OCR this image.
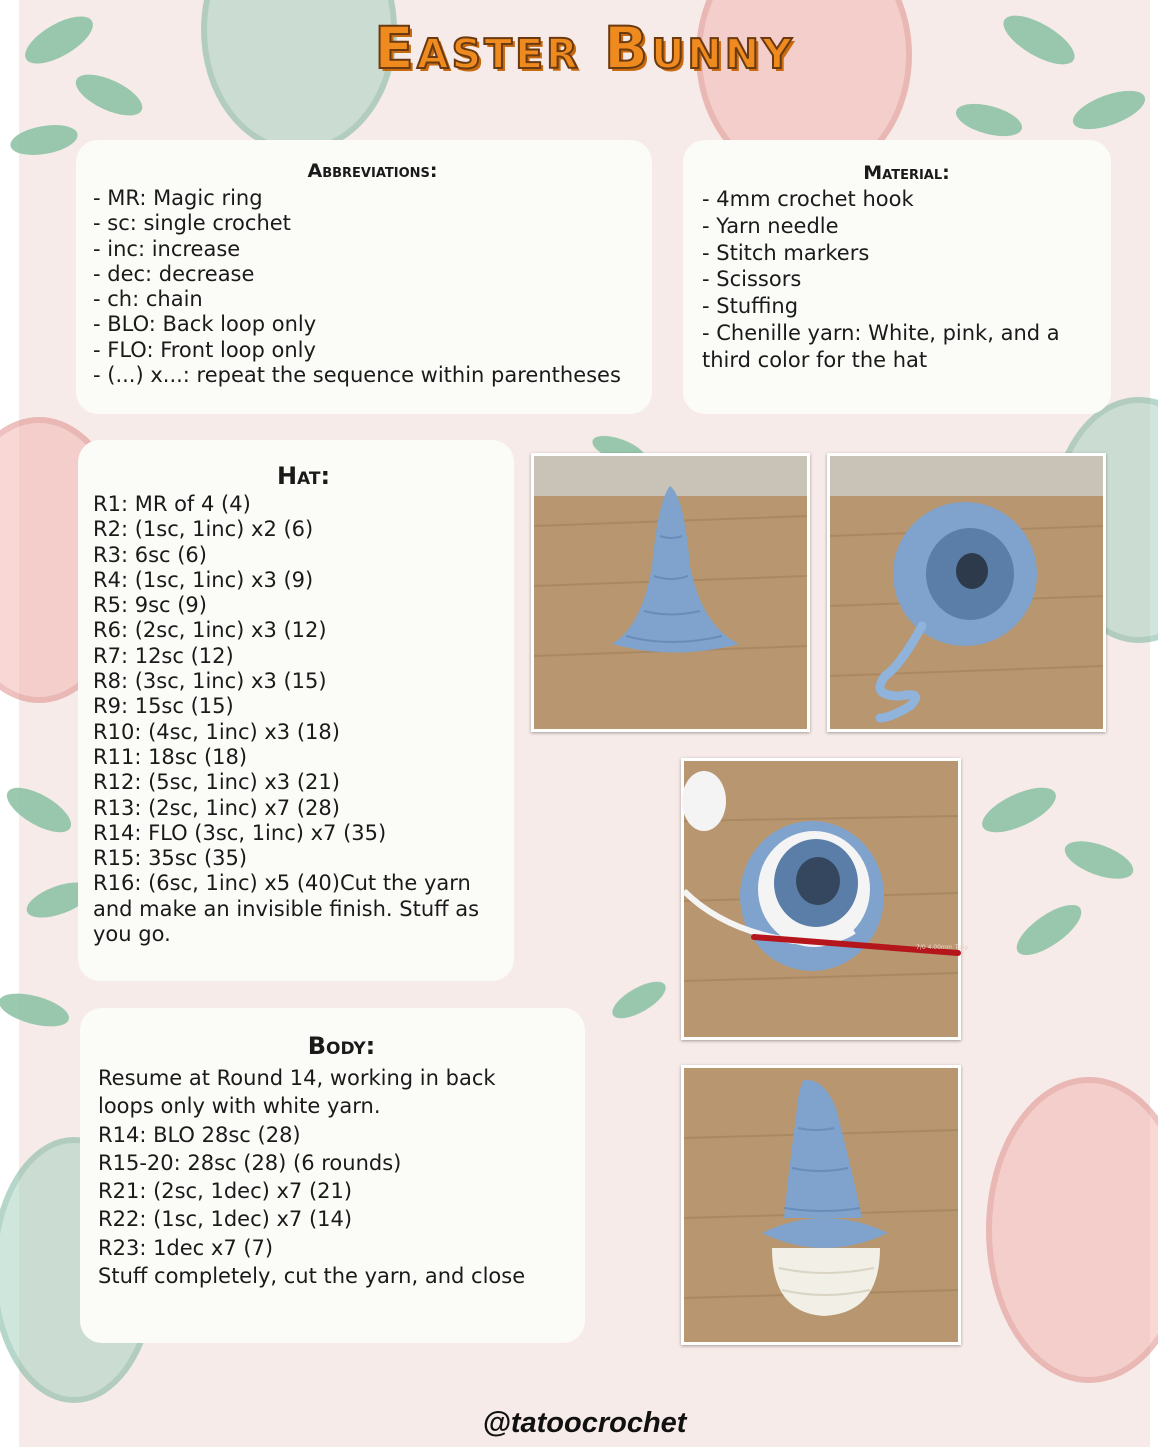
Easter Bunny
Abbreviations:
- MR: Magic ring
- sc: single crochet
- inc: increase
- dec: decrease
- ch: chain
- BLO: Back loop only
- FLO: Front loop only
- (...) x...: repeat the sequence within parentheses
Material:
- 4mm crochet hook
- Yarn needle
- Stitch markers
- Scissors
- Stuffing
- Chenille yarn: White, pink, and a third color for the hat
Hat:
R1: MR of 4 (4)
R2: (1sc, 1inc) x2 (6)
R3: 6sc (6)
R4: (1sc, 1inc) x3 (9)
R5: 9sc (9)
R6: (2sc, 1inc) x3 (12)
R7: 12sc (12)
R8: (3sc, 1inc) x3 (15)
R9: 15sc (15)
R10: (4sc, 1inc) x3 (18)
R11: 18sc (18)
R12: (5sc, 1inc) x3 (21)
R13: (2sc, 1inc) x7 (28)
R14: FLO (3sc, 1inc) x7 (35)
R15: 35sc (35)
R16: (6sc, 1inc) x5 (40)Cut the yarn and make an invisible finish. Stuff as you go.
Body:
Resume at Round 14, working in back
loops only with white yarn.
R14: BLO 28sc (28)
R15-20: 28sc (28) (6 rounds)
R21: (2sc, 1dec) x7 (21)
R22: (1sc, 1dec) x7 (14)
R23: 1dec x7 (7)
Stuff completely, cut the yarn, and close
7/0 4.00mm Tulip
@tatoocrochet
